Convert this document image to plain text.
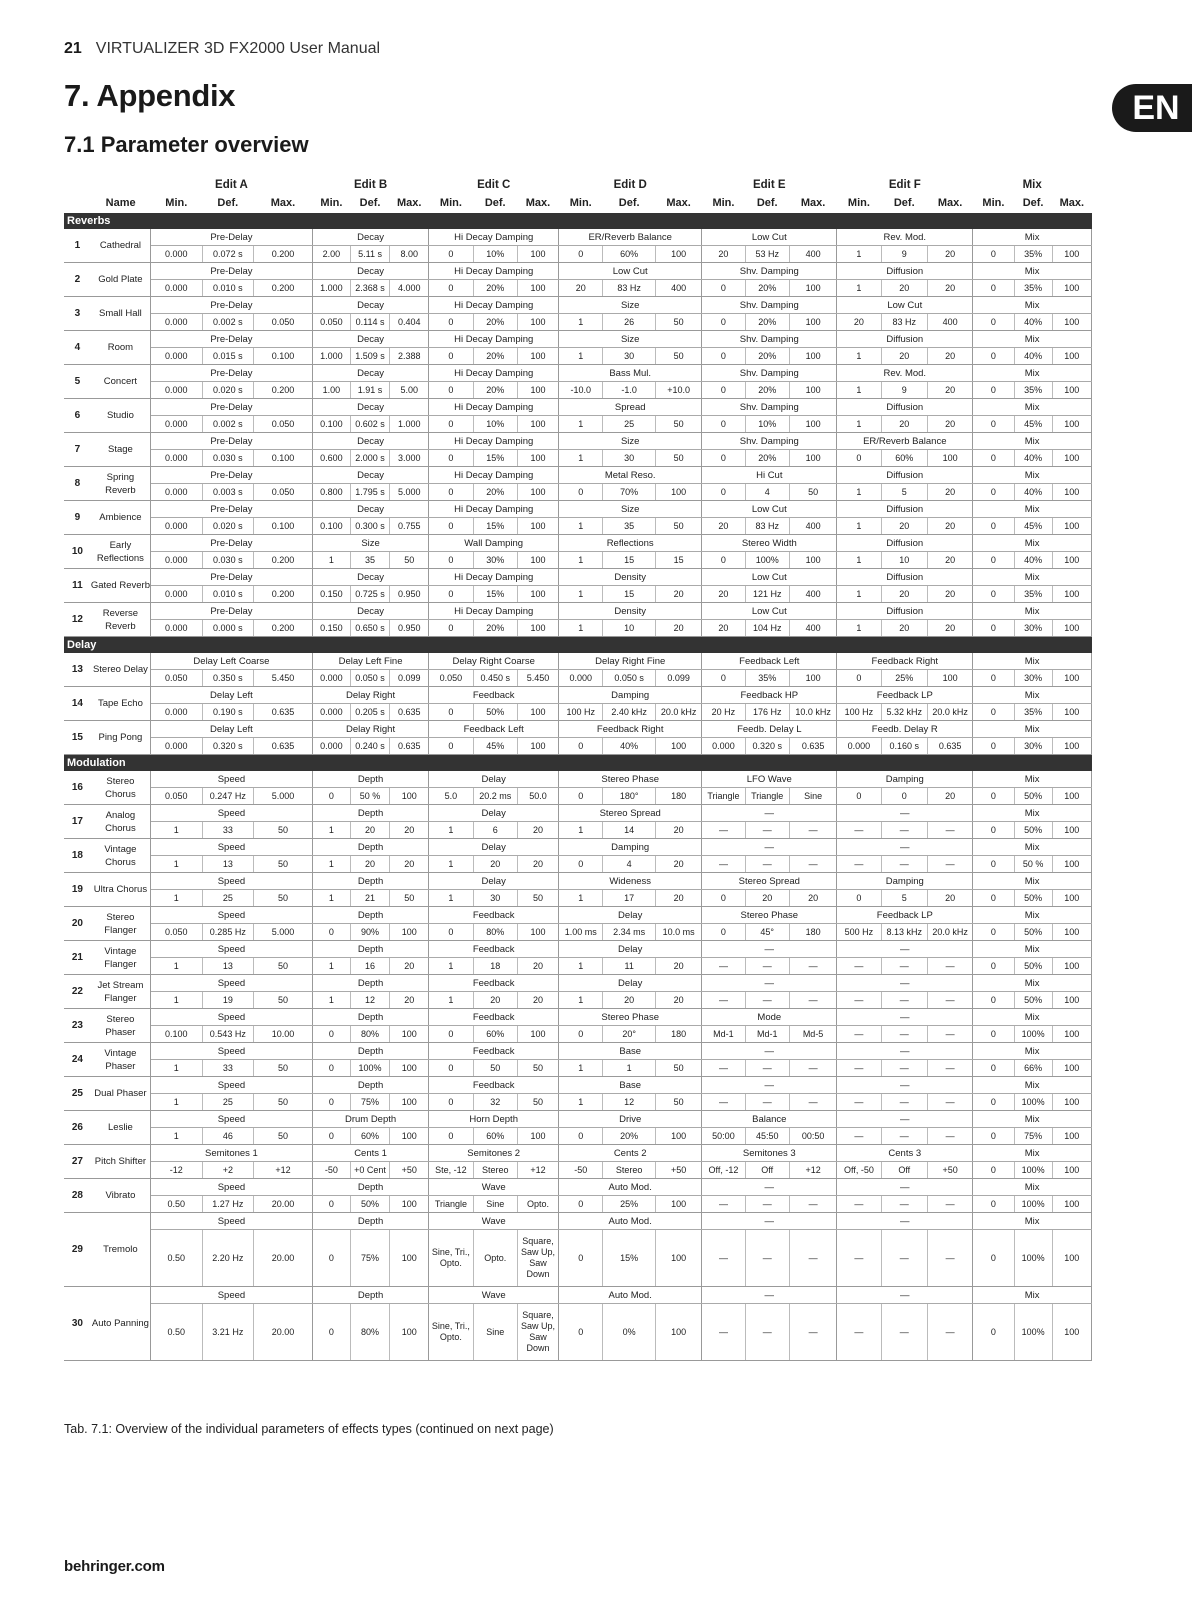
21 VIRTUALIZER 3D FX2000 User Manual
EN
7. Appendix
7.1 Parameter overview
		Edit A			Edit B			Edit C			Edit D			Edit E			Edit F			Mix		
	Name	Min.	Def.	Max.	Min.	Def.	Max.	Min.	Def.	Max.	Min.	Def.	Max.	Min.	Def.	Max.	Min.	Def.	Max.	Min.	Def.	Max.
Reverbs																						
1	Cathedral	Pre-Delay			Decay			Hi Decay Damping			ER/Reverb Balance			Low Cut			Rev. Mod.			Mix		
		0.000	0.072 s	0.200	2.00	5.11 s	8.00	0	10%	100	0	60%	100	20	53 Hz	400	1	9	20	0	35%	100
2	Gold Plate	Pre-Delay			Decay			Hi Decay Damping			Low Cut			Shv. Damping			Diffusion			Mix		
		0.000	0.010 s	0.200	1.000	2.368 s	4.000	0	20%	100	20	83 Hz	400	0	20%	100	1	20	20	0	35%	100
3	Small Hall	Pre-Delay			Decay			Hi Decay Damping			Size			Shv. Damping			Low Cut			Mix		
		0.000	0.002 s	0.050	0.050	0.114 s	0.404	0	20%	100	1	26	50	0	20%	100	20	83 Hz	400	0	40%	100
4	Room	Pre-Delay			Decay			Hi Decay Damping			Size			Shv. Damping			Diffusion			Mix		
		0.000	0.015 s	0.100	1.000	1.509 s	2.388	0	20%	100	1	30	50	0	20%	100	1	20	20	0	40%	100
5	Concert	Pre-Delay			Decay			Hi Decay Damping			Bass Mul.			Shv. Damping			Rev. Mod.			Mix		
		0.000	0.020 s	0.200	1.00	1.91 s	5.00	0	20%	100	-10.0	-1.0	+10.0	0	20%	100	1	9	20	0	35%	100
6	Studio	Pre-Delay			Decay			Hi Decay Damping			Spread			Shv. Damping			Diffusion			Mix		
		0.000	0.002 s	0.050	0.100	0.602 s	1.000	0	10%	100	1	25	50	0	10%	100	1	20	20	0	45%	100
7	Stage	Pre-Delay			Decay			Hi Decay Damping			Size			Shv. Damping			ER/Reverb Balance			Mix		
		0.000	0.030 s	0.100	0.600	2.000 s	3.000	0	15%	100	1	30	50	0	20%	100	0	60%	100	0	40%	100
8	Spring Reverb	Pre-Delay			Decay			Hi Decay Damping			Metal Reso.			Hi Cut			Diffusion			Mix		
		0.000	0.003 s	0.050	0.800	1.795 s	5.000	0	20%	100	0	70%	100	0	4	50	1	5	20	0	40%	100
9	Ambience	Pre-Delay			Decay			Hi Decay Damping			Size			Low Cut			Diffusion			Mix		
		0.000	0.020 s	0.100	0.100	0.300 s	0.755	0	15%	100	1	35	50	20	83 Hz	400	1	20	20	0	45%	100
10	Early Reflections	Pre-Delay			Size			Wall Damping			Reflections			Stereo Width			Diffusion			Mix		
		0.000	0.030 s	0.200	1	35	50	0	30%	100	1	15	15	0	100%	100	1	10	20	0	40%	100
11	Gated Reverb	Pre-Delay			Decay			Hi Decay Damping			Density			Low Cut			Diffusion			Mix		
		0.000	0.010 s	0.200	0.150	0.725 s	0.950	0	15%	100	1	15	20	20	121 Hz	400	1	20	20	0	35%	100
12	Reverse Reverb	Pre-Delay			Decay			Hi Decay Damping			Density			Low Cut			Diffusion			Mix		
		0.000	0.000 s	0.200	0.150	0.650 s	0.950	0	20%	100	1	10	20	20	104 Hz	400	1	20	20	0	30%	100
Delay																						
13	Stereo Delay	Delay Left Coarse			Delay Left Fine			Delay Right Coarse			Delay Right Fine			Feedback Left			Feedback Right			Mix		
		0.050	0.350 s	5.450	0.000	0.050 s	0.099	0.050	0.450 s	5.450	0.000	0.050 s	0.099	0	35%	100	0	25%	100	0	30%	100
14	Tape Echo	Delay Left			Delay Right			Feedback			Damping			Feedback HP			Feedback LP			Mix		
		0.000	0.190 s	0.635	0.000	0.205 s	0.635	0	50%	100	100 Hz	2.40 kHz	20.0 kHz	20 Hz	176 Hz	10.0 kHz	100 Hz	5.32 kHz	20.0 kHz	0	35%	100
15	Ping Pong	Delay Left			Delay Right			Feedback Left			Feedback Right			Feedb. Delay L			Feedb. Delay R			Mix		
		0.000	0.320 s	0.635	0.000	0.240 s	0.635	0	45%	100	0	40%	100	0.000	0.320 s	0.635	0.000	0.160 s	0.635	0	30%	100
Modulation																						
16	Stereo Chorus	Speed			Depth			Delay			Stereo Phase			LFO Wave			Damping			Mix		
		0.050	0.247 Hz	5.000	0	50 %	100	5.0	20.2 ms	50.0	0	180°	180	Triangle	Triangle	Sine	0	0	20	0	50%	100
17	Analog Chorus	Speed			Depth			Delay			Stereo Spread			—			—			Mix		
		1	33	50	1	20	20	1	6	20	1	14	20	—	—	—	—	—	—	0	50%	100
18	Vintage Chorus	Speed			Depth			Delay			Damping			—			—			Mix		
		1	13	50	1	20	20	1	20	20	0	4	20	—	—	—	—	—	—	0	50 %	100
19	Ultra Chorus	Speed			Depth			Delay			Wideness			Stereo Spread			Damping			Mix		
		1	25	50	1	21	50	1	30	50	1	17	20	0	20	20	0	5	20	0	50%	100
20	Stereo Flanger	Speed			Depth			Feedback			Delay			Stereo Phase			Feedback LP			Mix		
		0.050	0.285 Hz	5.000	0	90%	100	0	80%	100	1.00 ms	2.34 ms	10.0 ms	0	45°	180	500 Hz	8.13 kHz	20.0 kHz	0	50%	100
21	Vintage Flanger	Speed			Depth			Feedback			Delay			—			—			Mix		
		1	13	50	1	16	20	1	18	20	1	11	20	—	—	—	—	—	—	0	50%	100
22	Jet Stream Flanger	Speed			Depth			Feedback			Delay			—			—			Mix		
		1	19	50	1	12	20	1	20	20	1	20	20	—	—	—	—	—	—	0	50%	100
23	Stereo Phaser	Speed			Depth			Feedback			Stereo Phase			Mode			—			Mix		
		0.100	0.543 Hz	10.00	0	80%	100	0	60%	100	0	20°	180	Md-1	Md-1	Md-5	—	—	—	0	100%	100
24	Vintage Phaser	Speed			Depth			Feedback			Base			—			—			Mix		
		1	33	50	0	100%	100	0	50	50	1	1	50	—	—	—	—	—	—	0	66%	100
25	Dual Phaser	Speed			Depth			Feedback			Base			—			—			Mix		
		1	25	50	0	75%	100	0	32	50	1	12	50	—	—	—	—	—	—	0	100%	100
26	Leslie	Speed			Drum Depth			Horn Depth			Drive			Balance			—			Mix		
		1	46	50	0	60%	100	0	60%	100	0	20%	100	50:00	45:50	00:50	—	—	—	0	75%	100
27	Pitch Shifter	Semitones 1			Cents 1			Semitones 2			Cents 2			Semitones 3			Cents 3			Mix		
		-12	+2	+12	-50	+0 Cent	+50	Ste, -12	Stereo	+12	-50	Stereo	+50	Off, -12	Off	+12	Off, -50	Off	+50	0	100%	100
28	Vibrato	Speed			Depth			Wave			Auto Mod.			—			—			Mix		
		0.50	1.27 Hz	20.00	0	50%	100	Triangle	Sine	Opto.	0	25%	100	—	—	—	—	—	—	0	100%	100
29	Tremolo	Speed			Depth			Wave			Auto Mod.			—			—			Mix		
		0.50	2.20 Hz	20.00	0	75%	100	Sine, Tri., Opto.	Opto.	Square, Saw Up, Saw Down	0	15%	100	—	—	—	—	—	—	0	100%	100
30	Auto Panning	Speed			Depth			Wave			Auto Mod.			—			—			Mix		
		0.50	3.21 Hz	20.00	0	80%	100	Sine, Tri., Opto.	Sine	Square, Saw Up, Saw Down	0	0%	100	—	—	—	—	—	—	0	100%	100
Tab. 7.1: Overview of the individual parameters of effects types (continued on next page)
behringer.com
